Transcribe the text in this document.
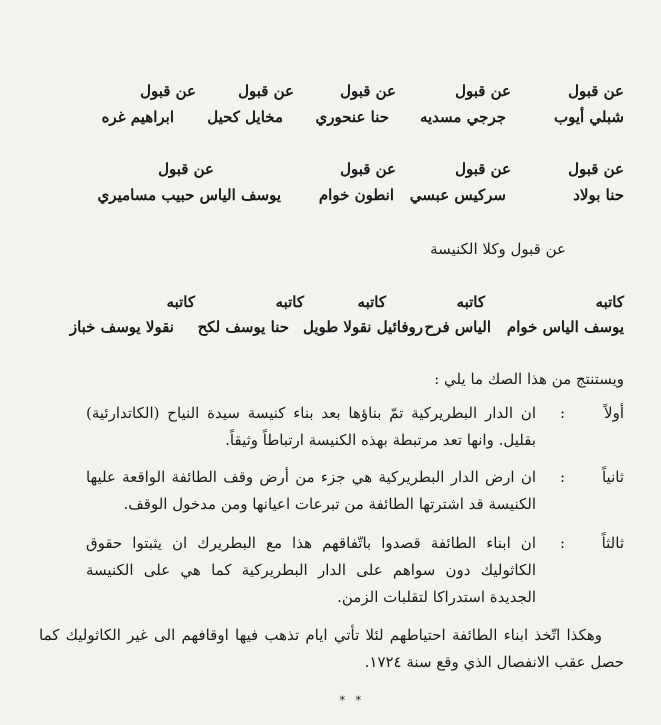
عن قبول
شبلي أيوب
عن قبول
جرجي مسديه
عن قبول
حنا عنحوري
عن قبول
مخايل كحيل
عن قبول
ابراهيم غره
عن قبول
حنا بولاد
عن قبول
سركيس عبسي
عن قبول
انطون خوام
عن قبول
يوسف الياس حبيب مساميري
عن قبول وكلا الكنيسة
كاتبه
يوسف الياس خوام
كاتبه
الياس فرح
كاتبه
روفائيل نقولا طويل
كاتبه
حنا يوسف لكح
كاتبه
نقولا يوسف خباز
ويستنتج من هذا الصك ما يلي :
أولاً
:
ان الدار البطريركية تمّ بناؤها بعد بناء كنيسة سيدة النياح (الكاتدارئية) بقليل. وانها تعد مرتبطة بهذه الكنيسة ارتباطاً وثيقاً.
ثانياً
:
ان ارض الدار البطريركية هي جزء من أرض وقف الطائفة الواقعة عليها الكنيسة قد اشترتها الطائفة من تبرعات اعيانها ومن مدخول الوقف.
ثالثاً
:
ان ابناء الطائفة قصدوا باتّفاقهم هذا مع البطريرك ان يثبتوا حقوق الكاثوليك دون سواهم على الدار البطريركية كما هي على الكنيسة الجديدة استدراكا لتقلبات الزمن.
وهكذا اتّخذ ابناء الطائفة احتياطهم لئلا تأتي ايام تذهب فيها اوقافهم الى غير الكاثوليك كما حصل عقب الانفصال الذي وقع سنة ١٧٢٤.
*   *
